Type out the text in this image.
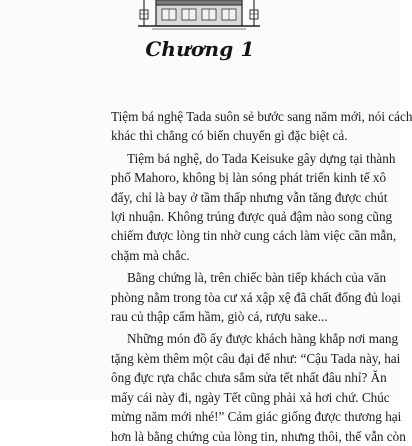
Chương 1

Tiệm bá nghệ Tada suôn sẻ bước sang năm mới, nói cách
khác thì chẳng có biến chuyển gì đặc biệt cả.

Tiệm bá nghệ, do Tada Keisuke gây dựng tại thành
phố Mahoro, không bị làn sóng phát triển kinh tế xô
đẩy, chỉ là bay ở tầm thấp nhưng vẫn tăng được chút
lợi nhuận. Không trúng được quả đậm nào song cũng
chiếm được lòng tin nhờ cung cách làm việc cần mẫn,
chặm mà chắc.

Bằng chứng là, trên chiếc bàn tiếp khách của văn
phòng nằm trong tòa cư xá xập xệ đã chất đống đủ loại
rau củ thập cẩm hầm, giò cá, rượu sake...

Những món đồ ấy được khách hàng khắp nơi mang
tặng kèm thêm một câu đại để như: “Cậu Tada này, hai
ông đực rựa chắc chưa sắm sửa tết nhất đâu nhỉ? Ăn
mấy cái này đi, ngày Tết cũng phải xả hơi chứ. Chúc
mừng năm mới nhé!” Cảm giác giống được thương hại
hơn là bằng chứng của lòng tin, nhưng thôi, thế vẫn còn
